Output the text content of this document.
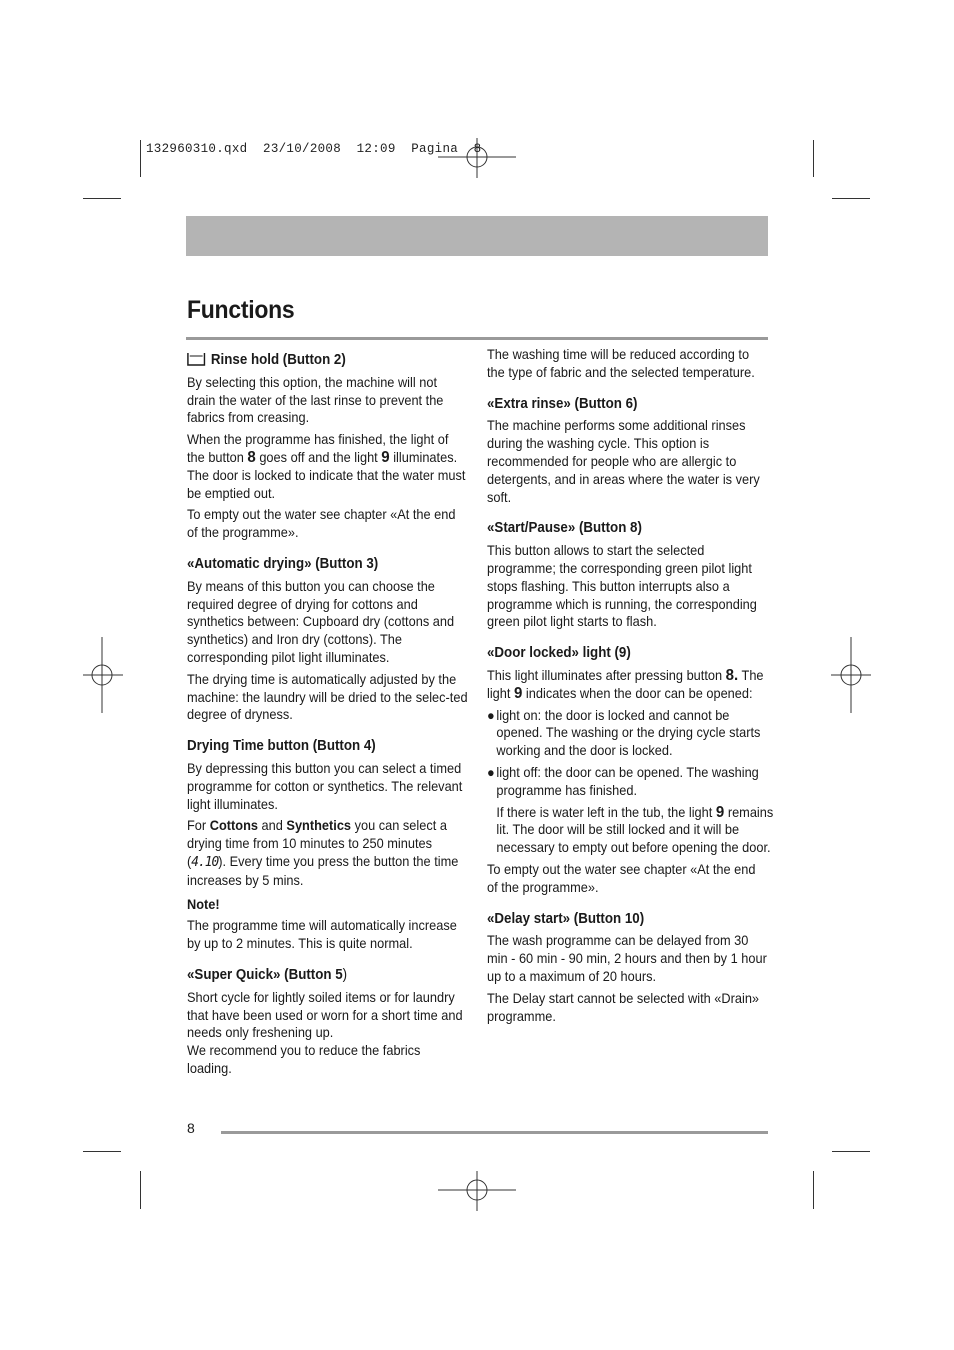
132960310.qxd  23/10/2008  12:09  Pagina  8
Functions
Rinse hold (Button 2)

By selecting this option, the machine will not drain the water of the last rinse to prevent the fabrics from creasing.

When the programme has finished, the light of the button 8 goes off and the light 9 illuminates. The door is locked to indicate that the water must be emptied out.

To empty out the water see chapter «At the end of the programme».

«Automatic drying» (Button 3)

By means of this button you can choose the required degree of drying for cottons and synthetics between: Cupboard dry (cottons and synthetics) and Iron dry (cottons). The corresponding pilot light illuminates.

The drying time is automatically adjusted by the machine: the laundry will be dried to the selec-ted degree of dryness.

Drying Time button (Button 4)

By depressing this button you can select a timed programme for cotton or synthetics. The relevant light illuminates.

For Cottons and Synthetics you can select a drying time from 10 minutes to 250 minutes (4.10). Every time you press the button the time increases by 5 mins.

Note!

The programme time will automatically increase by up to 2 minutes. This is quite normal.

«Super Quick» (Button 5)

Short cycle for lightly soiled items or for laundry that have been used or worn for a short time and needs only freshening up.

We recommend you to reduce the fabrics loading.

The washing time will be reduced according to the type of fabric and the selected temperature.

«Extra rinse» (Button 6)

The machine performs some additional rinses during the washing cycle. This option is recommended for people who are allergic to detergents, and in areas where the water is very soft.

«Start/Pause» (Button 8)

This button allows to start the selected programme; the corresponding green pilot light stops flashing. This button interrupts also a programme which is running, the corresponding green pilot light starts to flash.

«Door locked» light (9)

This light illuminates after pressing button 8. The light 9 indicates when the door can be opened:

● light on: the door is locked and cannot be opened. The washing or the drying cycle starts working and the door is locked.

● light off: the door can be opened. The washing programme has finished.

If there is water left in the tub, the light 9 remains lit. The door will be still locked and it will be necessary to empty out before opening the door.

To empty out the water see chapter «At the end of the programme».

«Delay start» (Button 10)

The wash programme can be delayed from 30 min - 60 min - 90 min, 2 hours and then by 1 hour up to a maximum of 20 hours.

The Delay start cannot be selected with «Drain» programme.

8
